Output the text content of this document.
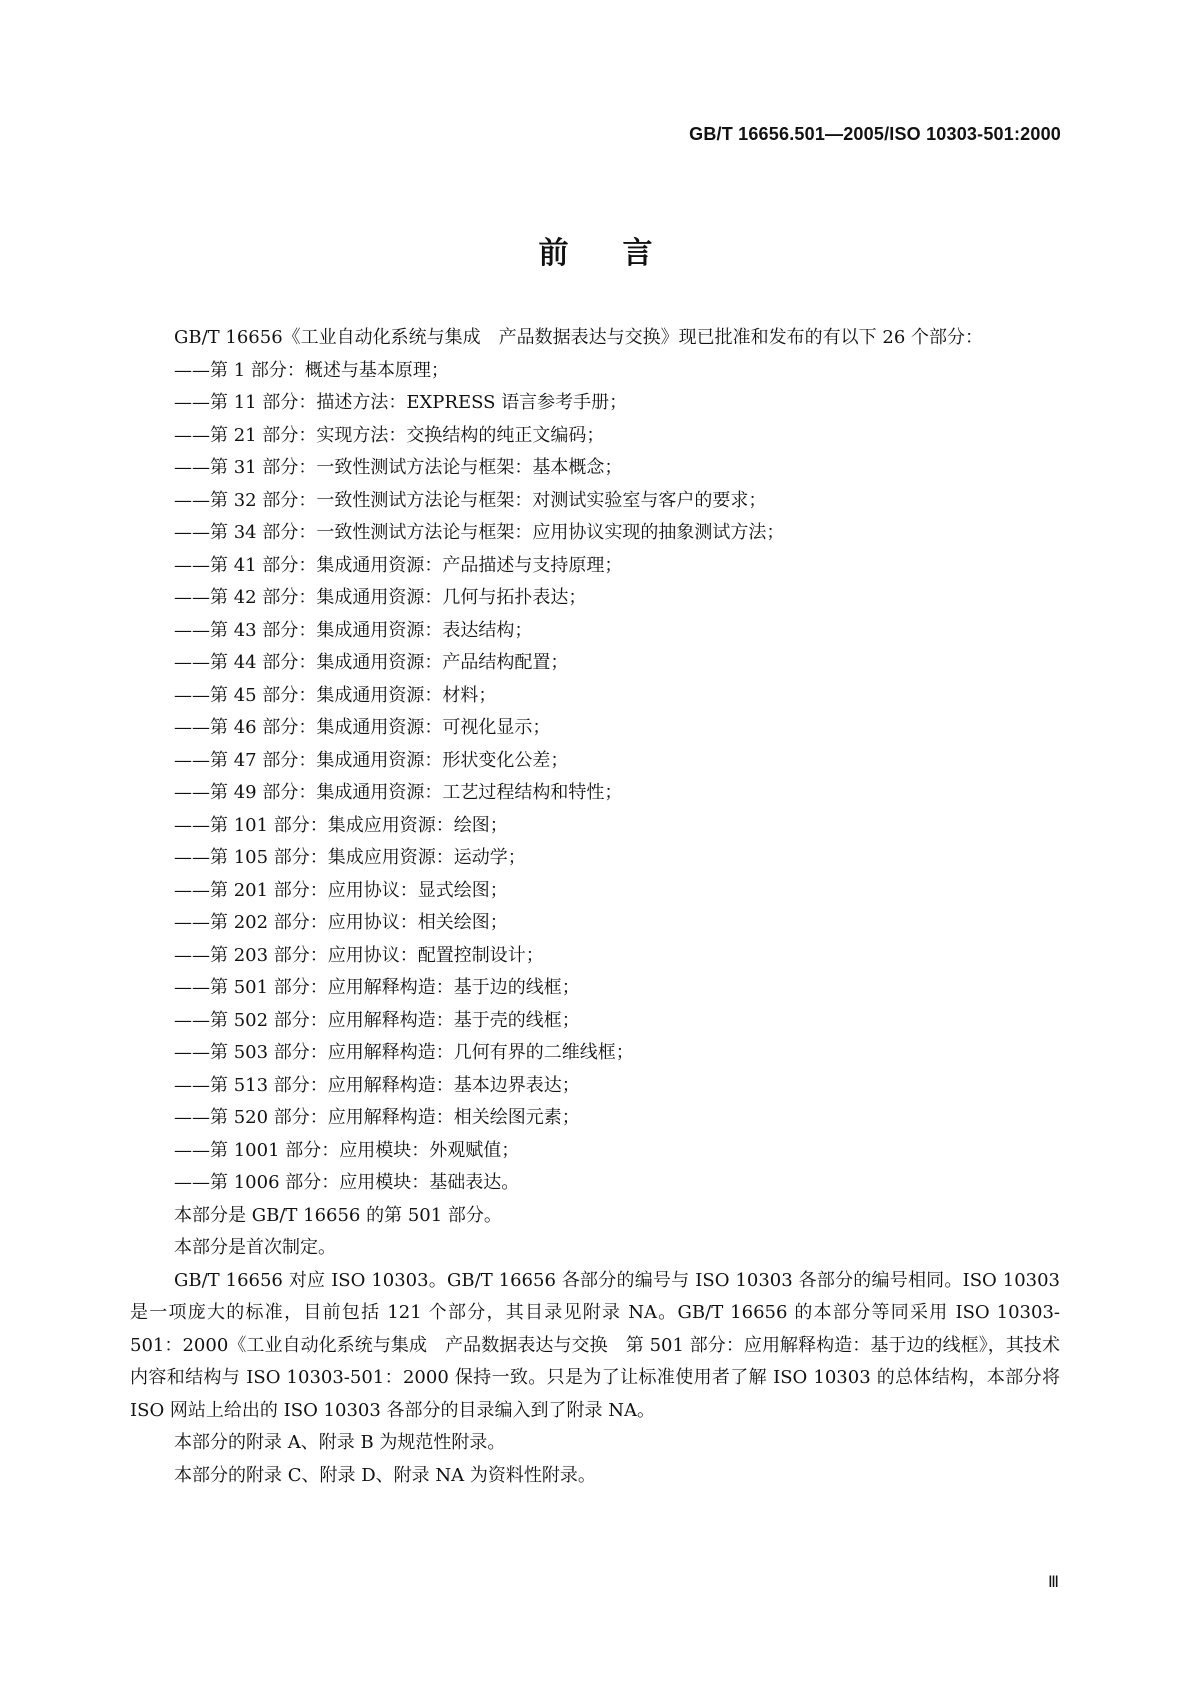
GB/T 16656.501—2005/ISO 10303-501:2000
前言

GB/T 16656《工业自动化系统与集成　产品数据表达与交换》现已批准和发布的有以下 26 个部分：

——第 1 部分：概述与基本原理；
——第 11 部分：描述方法：EXPRESS 语言参考手册；
——第 21 部分：实现方法：交换结构的纯正文编码；
——第 31 部分：一致性测试方法论与框架：基本概念；
——第 32 部分：一致性测试方法论与框架：对测试实验室与客户的要求；
——第 34 部分：一致性测试方法论与框架：应用协议实现的抽象测试方法；
——第 41 部分：集成通用资源：产品描述与支持原理；
——第 42 部分：集成通用资源：几何与拓扑表达；
——第 43 部分：集成通用资源：表达结构；
——第 44 部分：集成通用资源：产品结构配置；
——第 45 部分：集成通用资源：材料；
——第 46 部分：集成通用资源：可视化显示；
——第 47 部分：集成通用资源：形状变化公差；
——第 49 部分：集成通用资源：工艺过程结构和特性；
——第 101 部分：集成应用资源：绘图；
——第 105 部分：集成应用资源：运动学；
——第 201 部分：应用协议：显式绘图；
——第 202 部分：应用协议：相关绘图；
——第 203 部分：应用协议：配置控制设计；
——第 501 部分：应用解释构造：基于边的线框；
——第 502 部分：应用解释构造：基于壳的线框；
——第 503 部分：应用解释构造：几何有界的二维线框；
——第 513 部分：应用解释构造：基本边界表达；
——第 520 部分：应用解释构造：相关绘图元素；
——第 1001 部分：应用模块：外观赋值；
——第 1006 部分：应用模块：基础表达。

本部分是 GB/T 16656 的第 501 部分。

本部分是首次制定。

GB/T 16656 对应 ISO 10303。GB/T 16656 各部分的编号与 ISO 10303 各部分的编号相同。ISO 10303是一项庞大的标准，目前包括 121 个部分，其目录见附录 NA。GB/T 16656 的本部分等同采用 ISO 10303-501：2000《工业自动化系统与集成　产品数据表达与交换　第 501 部分：应用解释构造：基于边的线框》，其技术内容和结构与 ISO 10303-501：2000 保持一致。只是为了让标准使用者了解 ISO 10303 的总体结构，本部分将 ISO 网站上给出的 ISO 10303 各部分的目录编入到了附录 NA。

本部分的附录 A、附录 B 为规范性附录。

本部分的附录 C、附录 D、附录 NA 为资料性附录。

Ⅲ
